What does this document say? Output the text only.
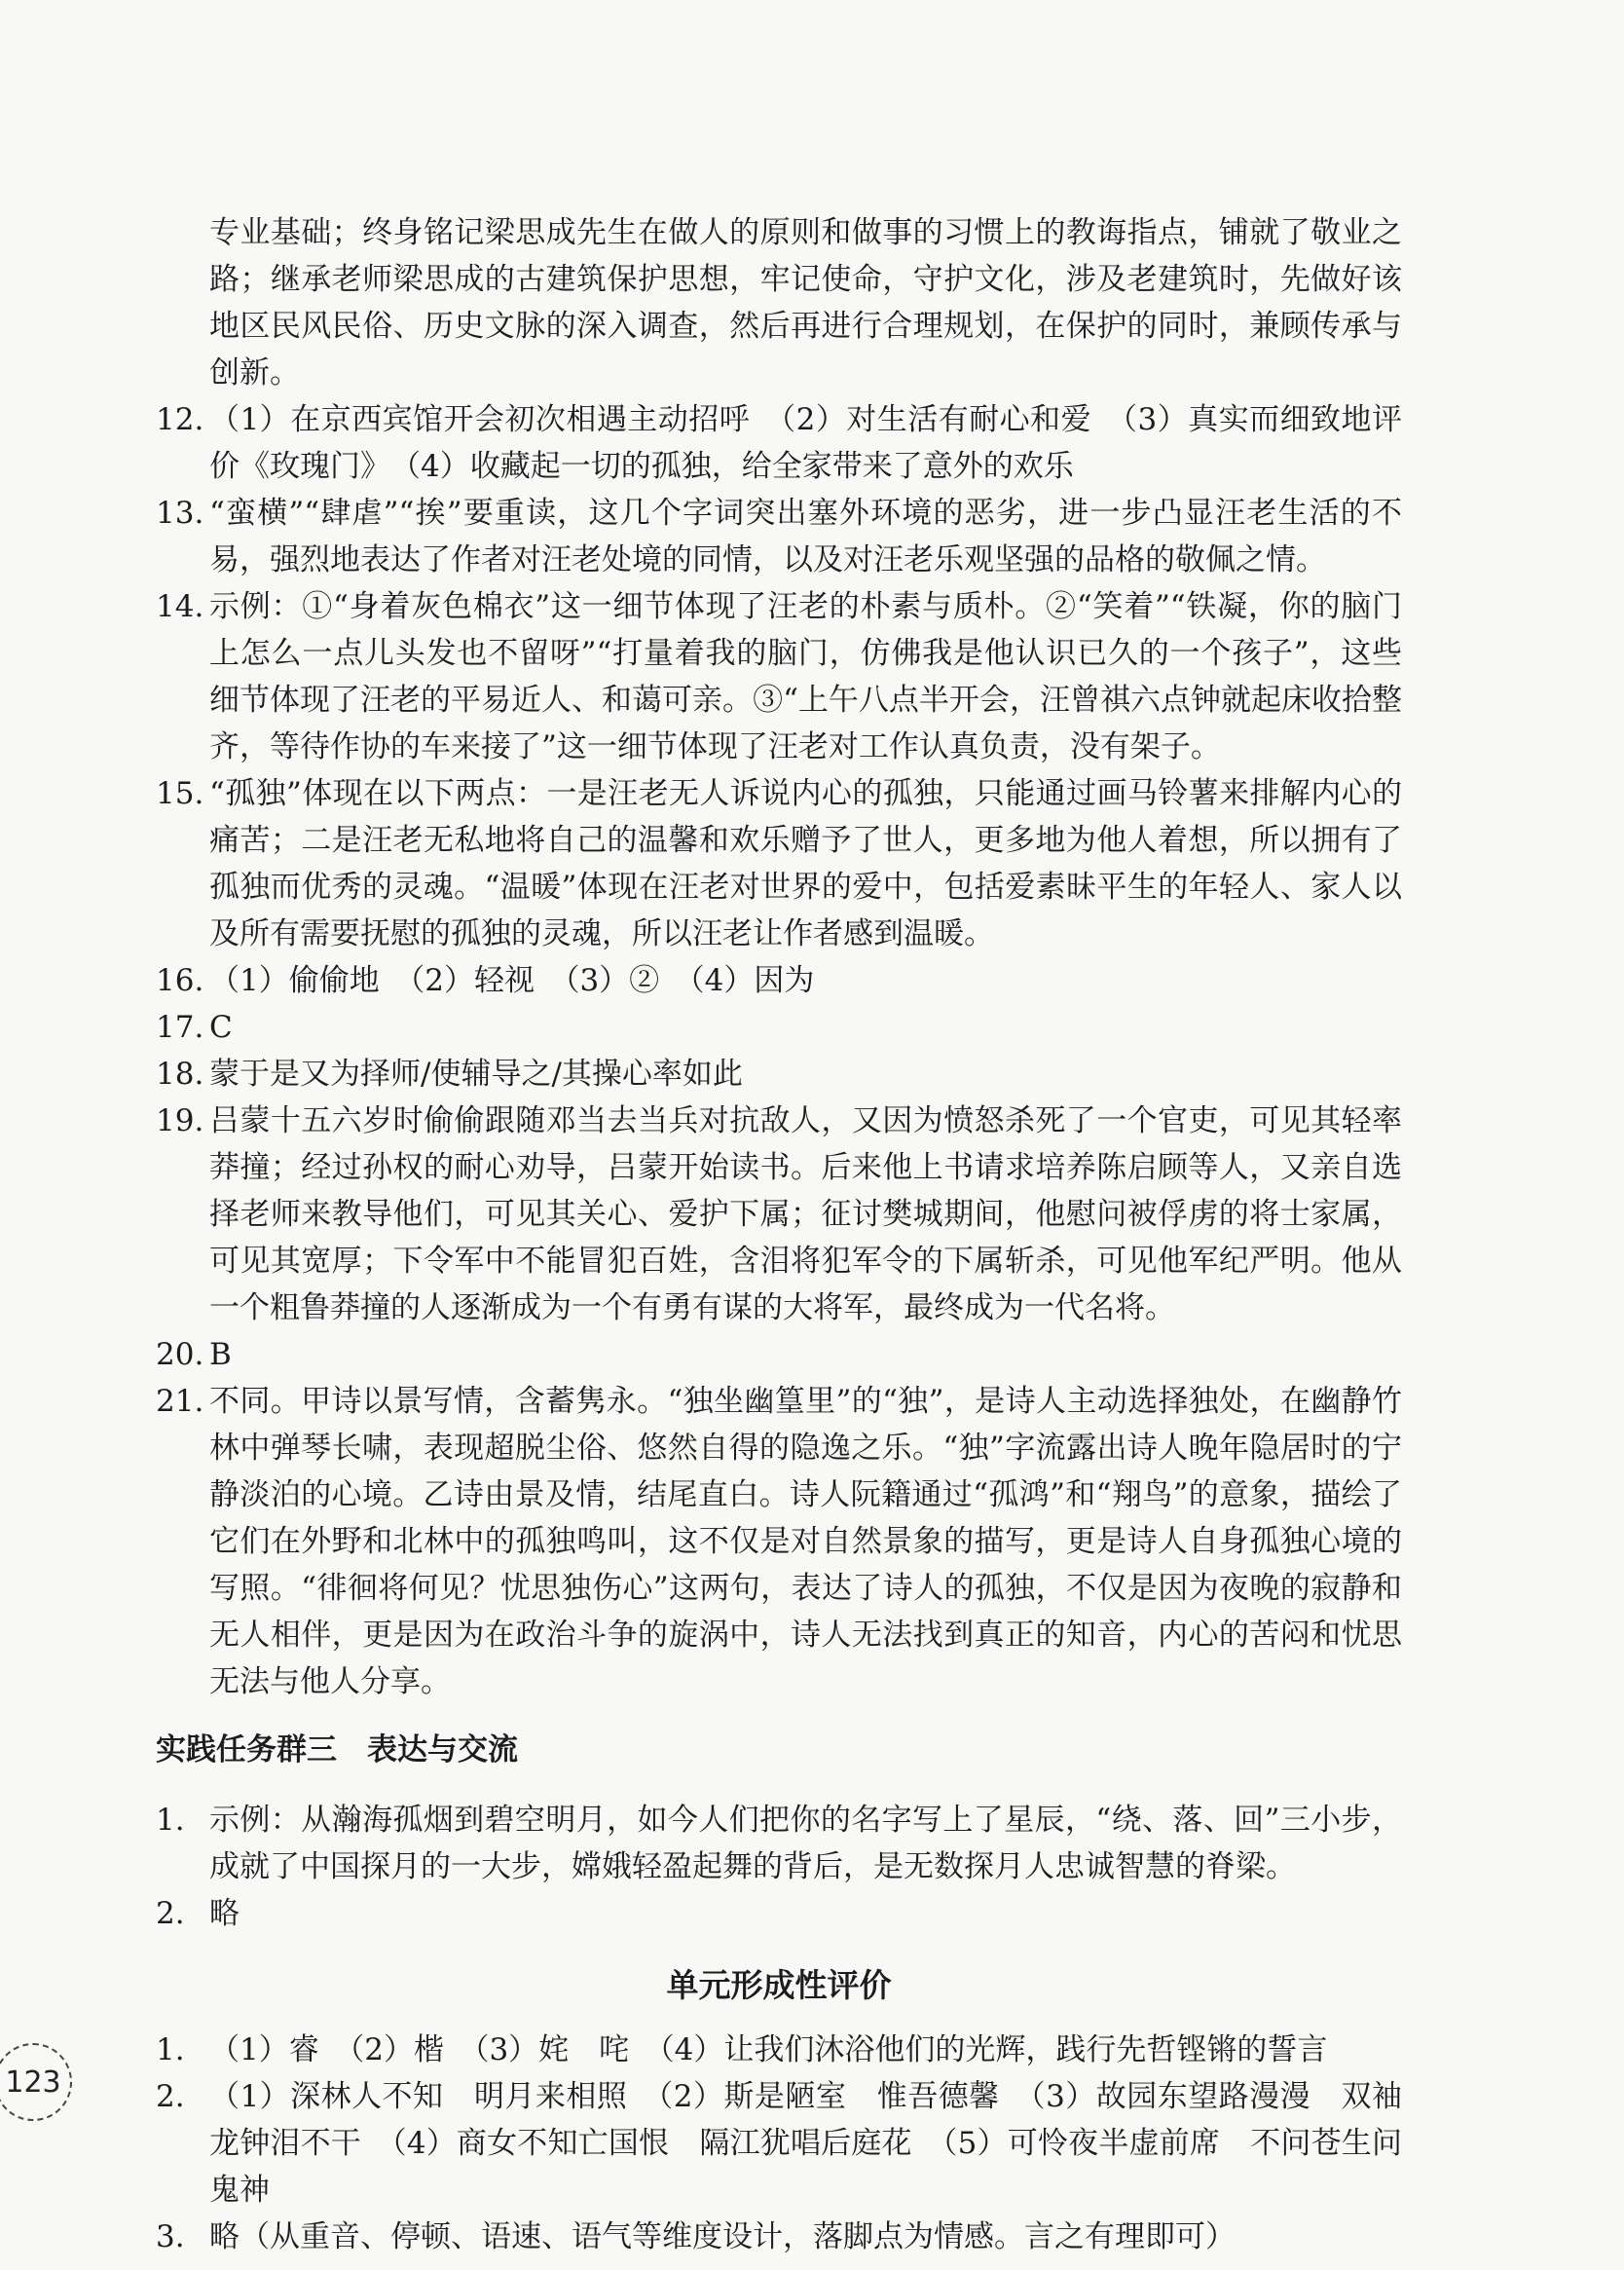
专业基础；终身铭记梁思成先生在做人的原则和做事的习惯上的教诲指点，铺就了敬业之路；继承老师梁思成的古建筑保护思想，牢记使命，守护文化，涉及老建筑时，先做好该地区民风民俗、历史文脉的深入调查，然后再进行合理规划，在保护的同时，兼顾传承与创新。

12. （1）在京西宾馆开会初次相遇主动招呼　（2）对生活有耐心和爱　（3）真实而细致地评价《玫瑰门》　（4）收藏起一切的孤独，给全家带来了意外的欢乐

13. “蛮横”“肆虐”“挨”要重读，这几个字词突出塞外环境的恶劣，进一步凸显汪老生活的不易，强烈地表达了作者对汪老处境的同情，以及对汪老乐观坚强的品格的敬佩之情。

14. 示例：①“身着灰色棉衣”这一细节体现了汪老的朴素与质朴。②“笑着”“铁凝，你的脑门上怎么一点儿头发也不留呀”“打量着我的脑门，仿佛我是他认识已久的一个孩子”，这些细节体现了汪老的平易近人、和蔼可亲。③“上午八点半开会，汪曾祺六点钟就起床收拾整齐，等待作协的车来接了”这一细节体现了汪老对工作认真负责，没有架子。

15. “孤独”体现在以下两点：一是汪老无人诉说内心的孤独，只能通过画马铃薯来排解内心的痛苦；二是汪老无私地将自己的温馨和欢乐赠予了世人，更多地为他人着想，所以拥有了孤独而优秀的灵魂。“温暖”体现在汪老对世界的爱中，包括爱素昧平生的年轻人、家人以及所有需要抚慰的孤独的灵魂，所以汪老让作者感到温暖。

16. （1）偷偷地　（2）轻视　（3）②　（4）因为

17. C

18. 蒙于是又为择师/使辅导之/其操心率如此

19. 吕蒙十五六岁时偷偷跟随邓当去当兵对抗敌人，又因为愤怒杀死了一个官吏，可见其轻率莽撞；经过孙权的耐心劝导，吕蒙开始读书。后来他上书请求培养陈启顾等人，又亲自选择老师来教导他们，可见其关心、爱护下属；征讨樊城期间，他慰问被俘虏的将士家属，可见其宽厚；下令军中不能冒犯百姓，含泪将犯军令的下属斩杀，可见他军纪严明。他从一个粗鲁莽撞的人逐渐成为一个有勇有谋的大将军，最终成为一代名将。

20. B

21. 不同。甲诗以景写情，含蓄隽永。“独坐幽篁里”的“独”，是诗人主动选择独处，在幽静竹林中弹琴长啸，表现超脱尘俗、悠然自得的隐逸之乐。“独”字流露出诗人晚年隐居时的宁静淡泊的心境。乙诗由景及情，结尾直白。诗人阮籍通过“孤鸿”和“翔鸟”的意象，描绘了它们在外野和北林中的孤独鸣叫，这不仅是对自然景象的描写，更是诗人自身孤独心境的写照。“徘徊将何见？忧思独伤心”这两句，表达了诗人的孤独，不仅是因为夜晚的寂静和无人相伴，更是因为在政治斗争的旋涡中，诗人无法找到真正的知音，内心的苦闷和忧思无法与他人分享。

实践任务群三　表达与交流

1. 示例：从瀚海孤烟到碧空明月，如今人们把你的名字写上了星辰，“绕、落、回”三小步，成就了中国探月的一大步，嫦娥轻盈起舞的背后，是无数探月人忠诚智慧的脊梁。

2. 略

单元形成性评价

1. （1）睿　（2）楷　（3）姹　咤　（4）让我们沐浴他们的光辉，践行先哲铿锵的誓言

2. （1）深林人不知　明月来相照　（2）斯是陋室　惟吾德馨　（3）故园东望路漫漫　双袖龙钟泪不干　（4）商女不知亡国恨　隔江犹唱后庭花　（5）可怜夜半虚前席　不问苍生问鬼神

3. 略（从重音、停顿、语速、语气等维度设计，落脚点为情感。言之有理即可）

123
